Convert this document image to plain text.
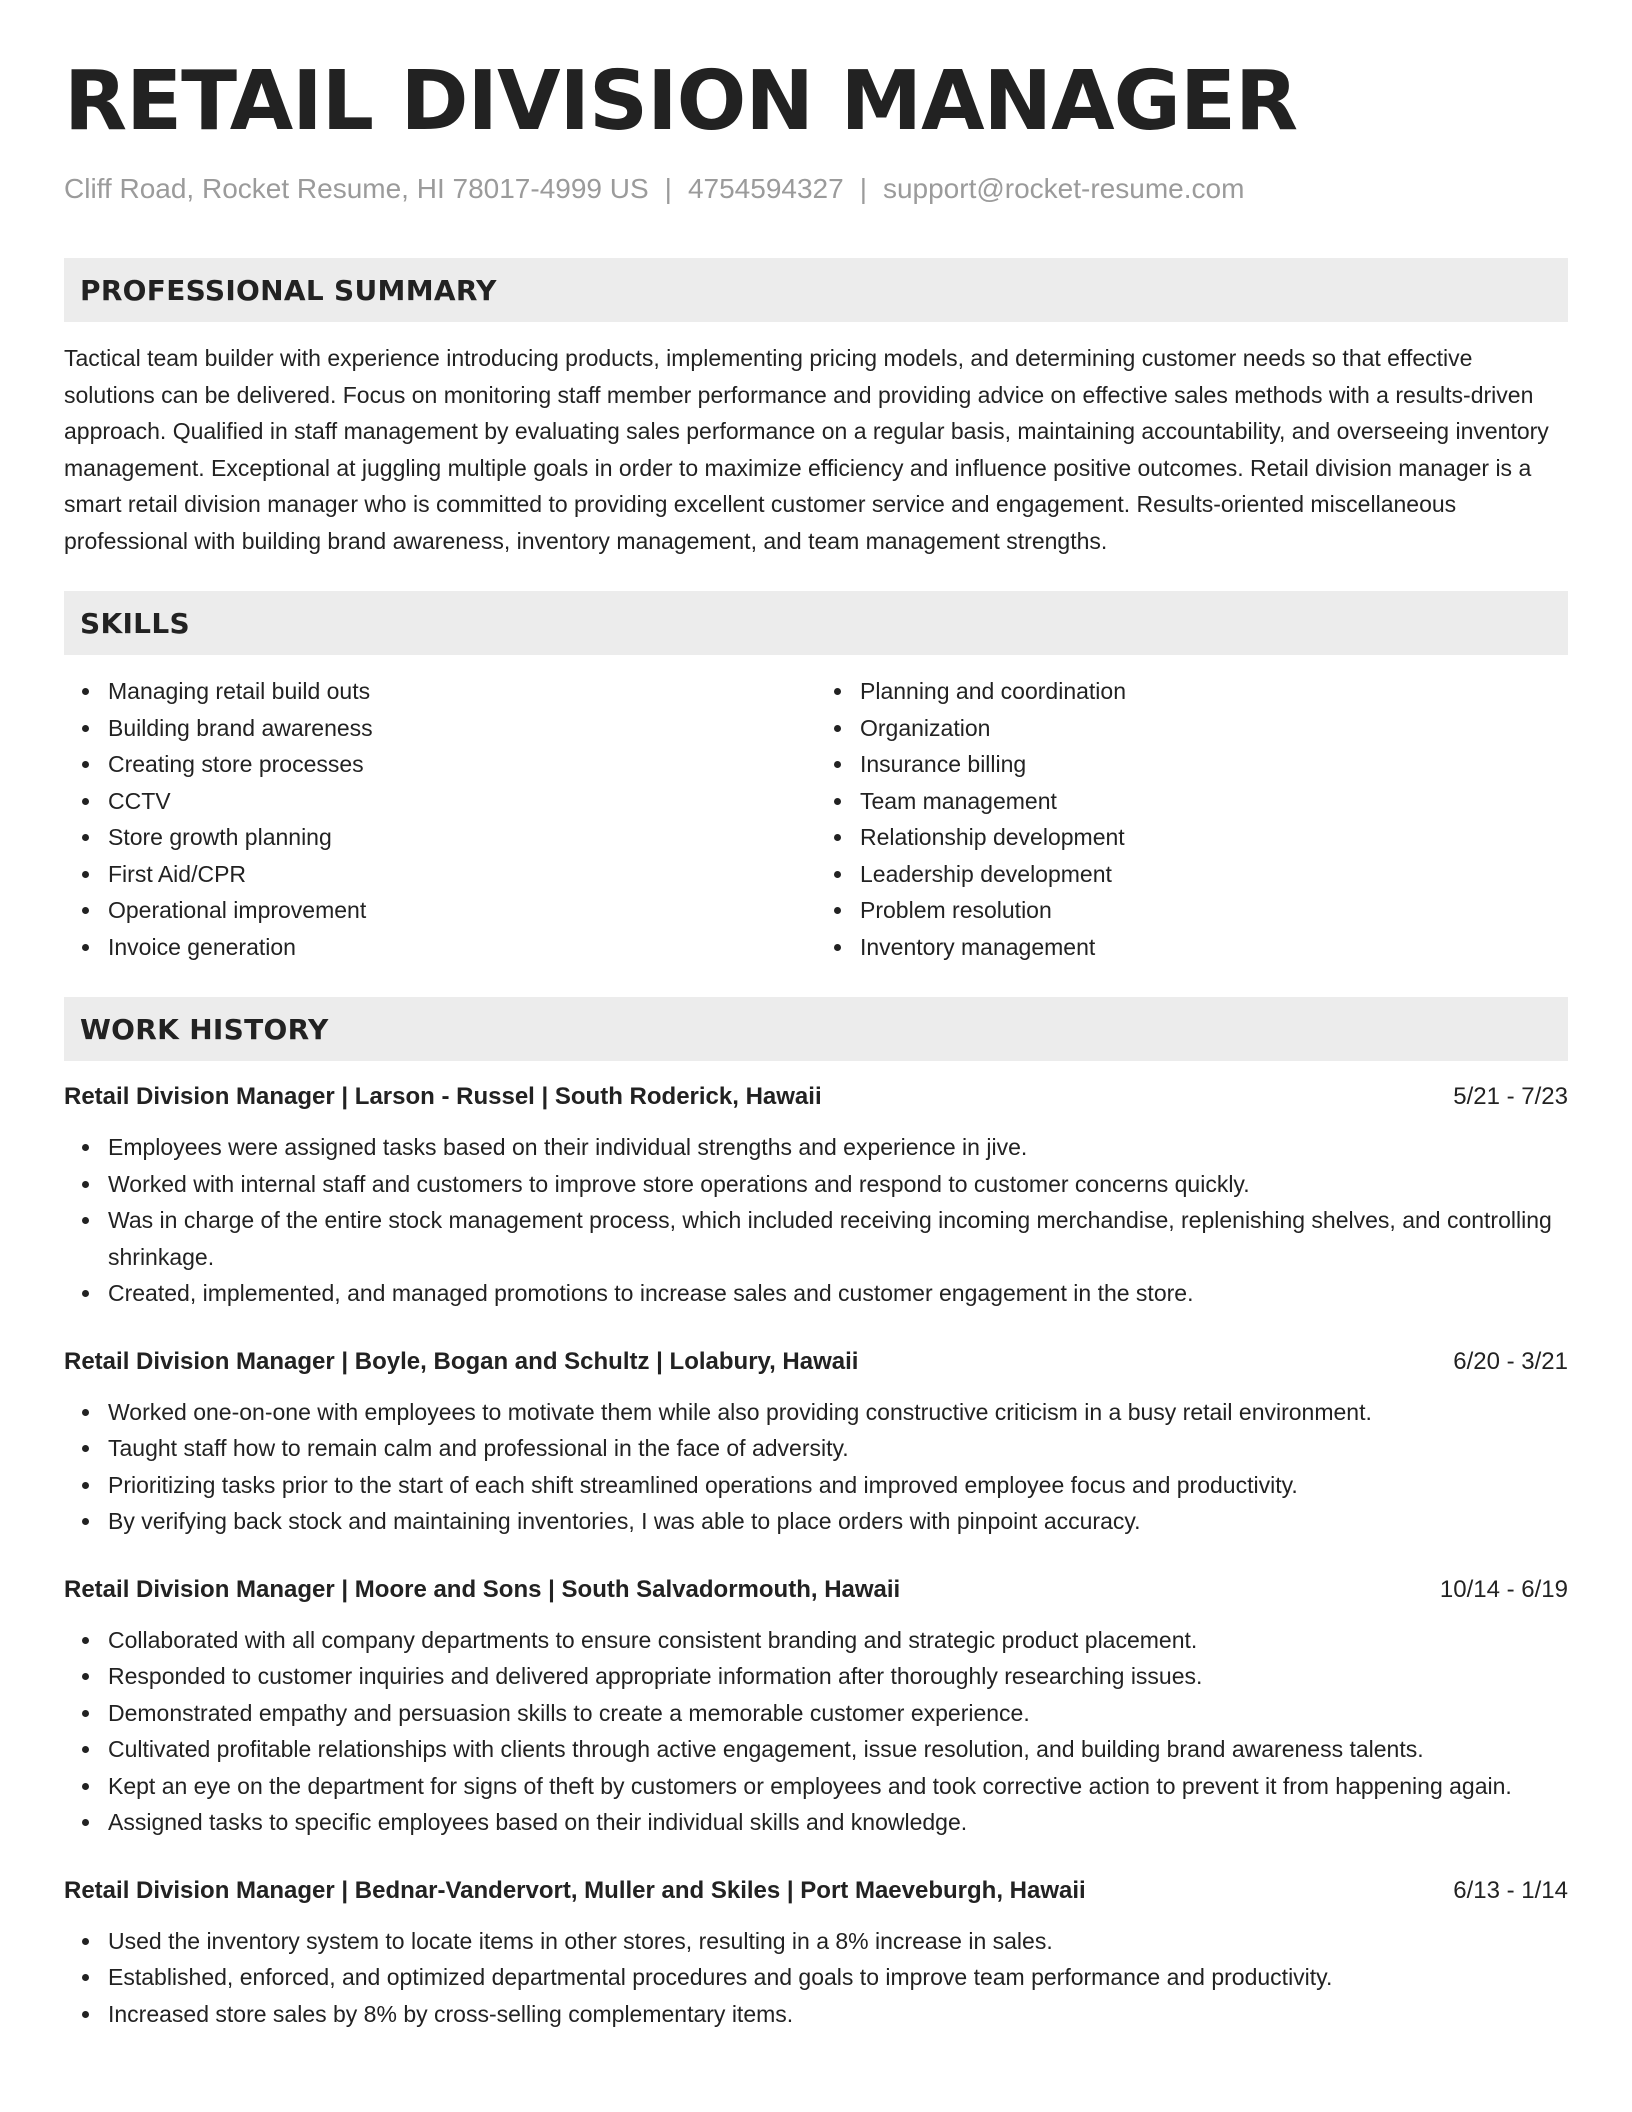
RETAIL DIVISION MANAGER
Cliff Road, Rocket Resume, HI 78017-4999 US | 4754594327 | support@rocket-resume.com
PROFESSIONAL SUMMARY

Tactical team builder with experience introducing products, implementing pricing models, and determining customer needs so that effective solutions can be delivered. Focus on monitoring staff member performance and providing advice on effective sales methods with a results-driven approach. Qualified in staff management by evaluating sales performance on a regular basis, maintaining accountability, and overseeing inventory management. Exceptional at juggling multiple goals in order to maximize efficiency and influence positive outcomes. Retail division manager is a smart retail division manager who is committed to providing excellent customer service and engagement. Results-oriented miscellaneous professional with building brand awareness, inventory management, and team management strengths.

SKILLS
Managing retail build outs
Building brand awareness
Creating store processes
CCTV
Store growth planning
First Aid/CPR
Operational improvement
Invoice generation
Planning and coordination
Organization
Insurance billing
Team management
Relationship development
Leadership development
Problem resolution
Inventory management
WORK HISTORY
Retail Division Manager | Larson - Russel | South Roderick, Hawaii	5/21 - 7/23
Employees were assigned tasks based on their individual strengths and experience in jive.
Worked with internal staff and customers to improve store operations and respond to customer concerns quickly.
Was in charge of the entire stock management process, which included receiving incoming merchandise, replenishing shelves, and controlling shrinkage.
Created, implemented, and managed promotions to increase sales and customer engagement in the store.
Retail Division Manager | Boyle, Bogan and Schultz | Lolabury, Hawaii	6/20 - 3/21
Worked one-on-one with employees to motivate them while also providing constructive criticism in a busy retail environment.
Taught staff how to remain calm and professional in the face of adversity.
Prioritizing tasks prior to the start of each shift streamlined operations and improved employee focus and productivity.
By verifying back stock and maintaining inventories, I was able to place orders with pinpoint accuracy.
Retail Division Manager | Moore and Sons | South Salvadormouth, Hawaii	10/14 - 6/19
Collaborated with all company departments to ensure consistent branding and strategic product placement.
Responded to customer inquiries and delivered appropriate information after thoroughly researching issues.
Demonstrated empathy and persuasion skills to create a memorable customer experience.
Cultivated profitable relationships with clients through active engagement, issue resolution, and building brand awareness talents.
Kept an eye on the department for signs of theft by customers or employees and took corrective action to prevent it from happening again.
Assigned tasks to specific employees based on their individual skills and knowledge.
Retail Division Manager | Bednar-Vandervort, Muller and Skiles | Port Maeveburgh, Hawaii	6/13 - 1/14
Used the inventory system to locate items in other stores, resulting in a 8% increase in sales.
Established, enforced, and optimized departmental procedures and goals to improve team performance and productivity.
Increased store sales by 8% by cross-selling complementary items.
